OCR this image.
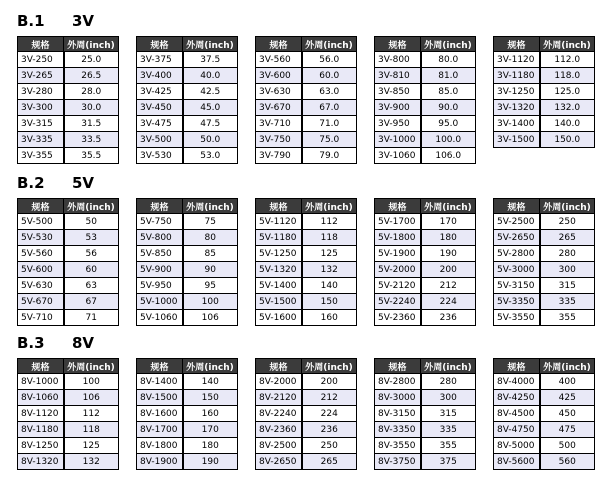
B.1 3V
规格	外周(inch)
3V-250	25.0
3V-265	26.5
3V-280	28.0
3V-300	30.0
3V-315	31.5
3V-335	33.5
3V-355	35.5
规格	外周(inch)
3V-375	37.5
3V-400	40.0
3V-425	42.5
3V-450	45.0
3V-475	47.5
3V-500	50.0
3V-530	53.0
规格	外周(inch)
3V-560	56.0
3V-600	60.0
3V-630	63.0
3V-670	67.0
3V-710	71.0
3V-750	75.0
3V-790	79.0
规格	外周(inch)
3V-800	80.0
3V-810	81.0
3V-850	85.0
3V-900	90.0
3V-950	95.0
3V-1000	100.0
3V-1060	106.0
规格	外周(inch)
3V-1120	112.0
3V-1180	118.0
3V-1250	125.0
3V-1320	132.0
3V-1400	140.0
3V-1500	150.0
B.2 5V
规格	外周(inch)
5V-500	50
5V-530	53
5V-560	56
5V-600	60
5V-630	63
5V-670	67
5V-710	71
规格	外周(inch)
5V-750	75
5V-800	80
5V-850	85
5V-900	90
5V-950	95
5V-1000	100
5V-1060	106
规格	外周(inch)
5V-1120	112
5V-1180	118
5V-1250	125
5V-1320	132
5V-1400	140
5V-1500	150
5V-1600	160
规格	外周(inch)
5V-1700	170
5V-1800	180
5V-1900	190
5V-2000	200
5V-2120	212
5V-2240	224
5V-2360	236
规格	外周(inch)
5V-2500	250
5V-2650	265
5V-2800	280
5V-3000	300
5V-3150	315
5V-3350	335
5V-3550	355
B.3 8V
规格	外周(inch)
8V-1000	100
8V-1060	106
8V-1120	112
8V-1180	118
8V-1250	125
8V-1320	132
规格	外周(inch)
8V-1400	140
8V-1500	150
8V-1600	160
8V-1700	170
8V-1800	180
8V-1900	190
规格	外周(inch)
8V-2000	200
8V-2120	212
8V-2240	224
8V-2360	236
8V-2500	250
8V-2650	265
规格	外周(inch)
8V-2800	280
8V-3000	300
8V-3150	315
8V-3350	335
8V-3550	355
8V-3750	375
规格	外周(inch)
8V-4000	400
8V-4250	425
8V-4500	450
8V-4750	475
8V-5000	500
8V-5600	560
